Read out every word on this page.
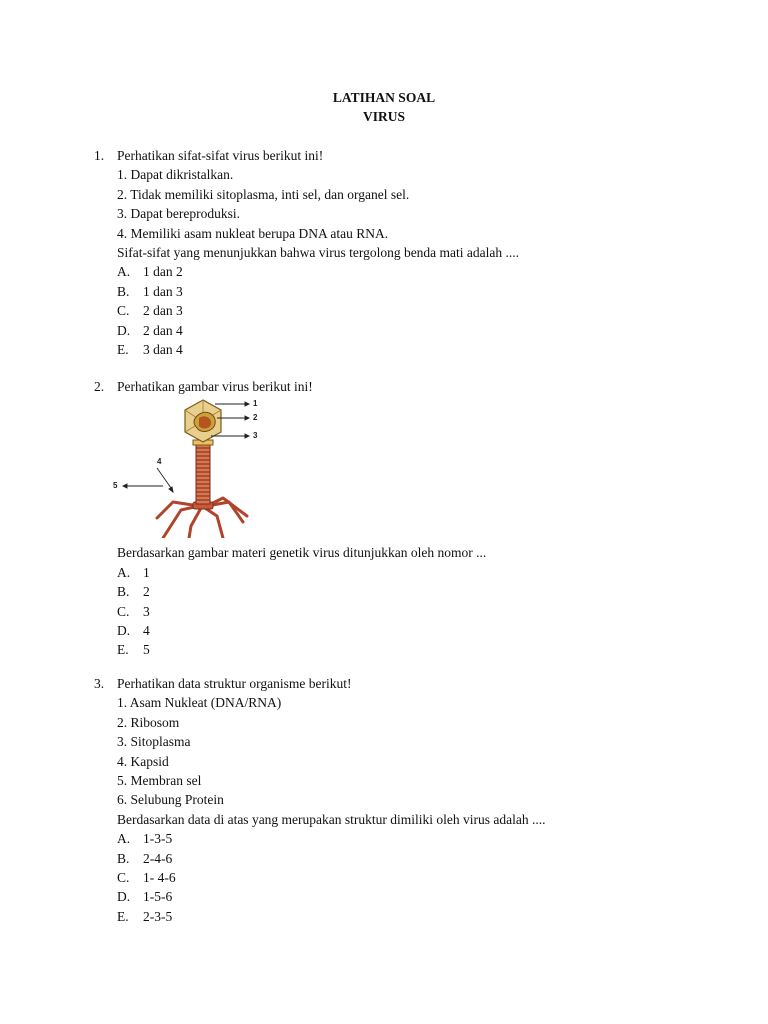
LATIHAN SOAL
VIRUS
1. Perhatikan sifat-sifat virus berikut ini!
1. Dapat dikristalkan.
2. Tidak memiliki sitoplasma, inti sel, dan organel sel.
3. Dapat bereproduksi.
4. Memiliki asam nukleat berupa DNA atau RNA.
Sifat-sifat yang menunjukkan bahwa virus tergolong benda mati adalah ....
A. 1 dan 2
B. 1 dan 3
C. 2 dan 3
D. 2 dan 4
E. 3 dan 4
2. Perhatikan gambar virus berikut ini!
1
2
3
4
5
Berdasarkan gambar materi genetik virus ditunjukkan oleh nomor ...
A. 1
B. 2
C. 3
D. 4
E. 5
3. Perhatikan data struktur organisme berikut!
1. Asam Nukleat (DNA/RNA)
2. Ribosom
3. Sitoplasma
4. Kapsid
5. Membran sel
6. Selubung Protein
Berdasarkan data di atas yang merupakan struktur dimiliki oleh virus adalah ....
A. 1-3-5
B. 2-4-6
C. 1- 4-6
D. 1-5-6
E. 2-3-5
